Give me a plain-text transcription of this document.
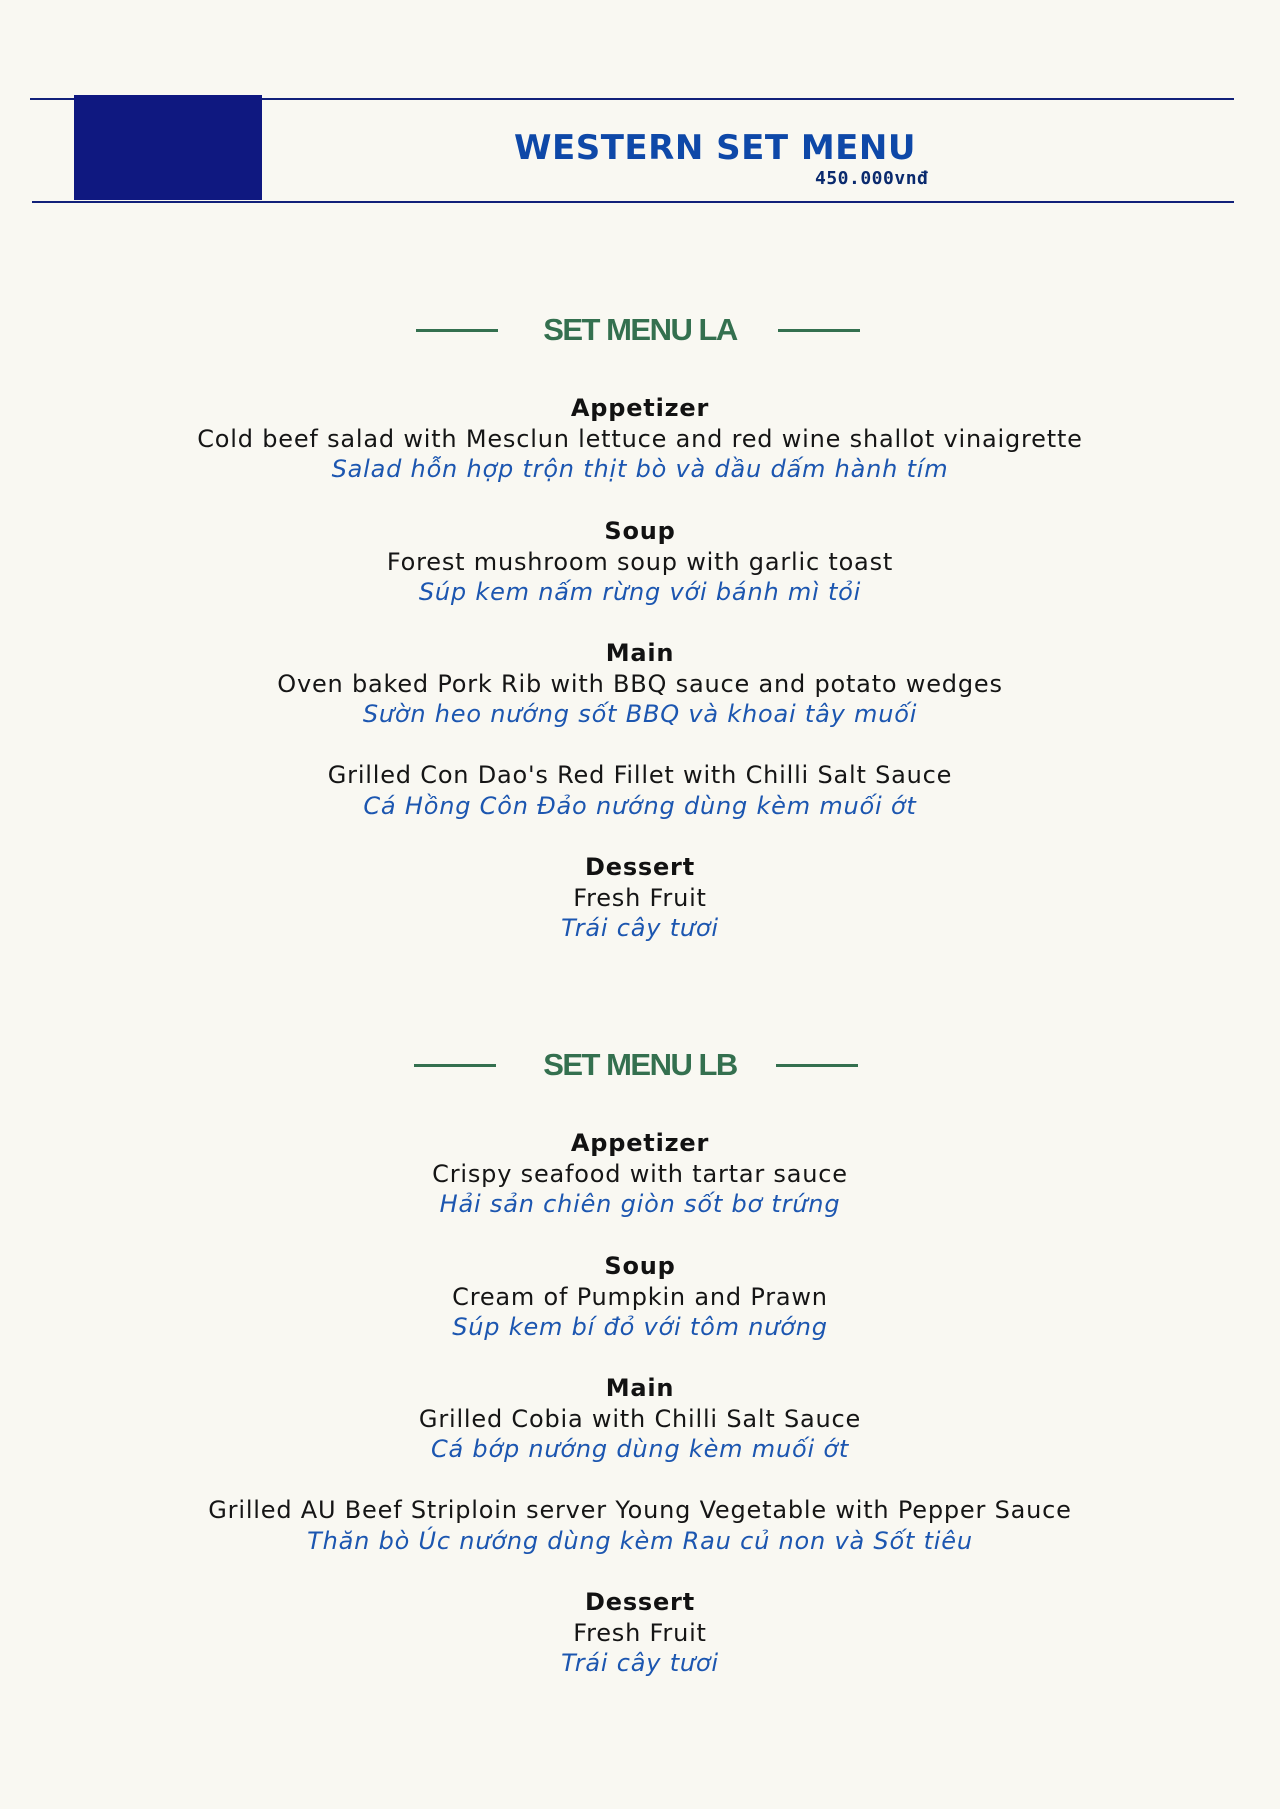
WESTERN SET MENU
450.000vnđ
SET MENU LA
Appetizer
Cold beef salad with Mesclun lettuce and red wine shallot vinaigrette
Salad hỗn hợp trộn thịt bò và dầu dấm hành tím
Soup
Forest mushroom soup with garlic toast
Súp kem nấm rừng với bánh mì tỏi
Main
Oven baked Pork Rib with BBQ sauce and potato wedges
Sườn heo nướng sốt BBQ và khoai tây muối
Grilled Con Dao's Red Fillet with Chilli Salt Sauce
Cá Hồng Côn Đảo nướng dùng kèm muối ớt
Dessert
Fresh Fruit
Trái cây tươi
SET MENU LB
Appetizer
Crispy seafood with tartar sauce
Hải sản chiên giòn sốt bơ trứng
Soup
Cream of Pumpkin and Prawn
Súp kem bí đỏ với tôm nướng
Main
Grilled Cobia with Chilli Salt Sauce
Cá bớp nướng dùng kèm muối ớt
Grilled AU Beef Striploin server Young Vegetable with Pepper Sauce
Thăn bò Úc nướng dùng kèm Rau củ non và Sốt tiêu
Dessert
Fresh Fruit
Trái cây tươi
